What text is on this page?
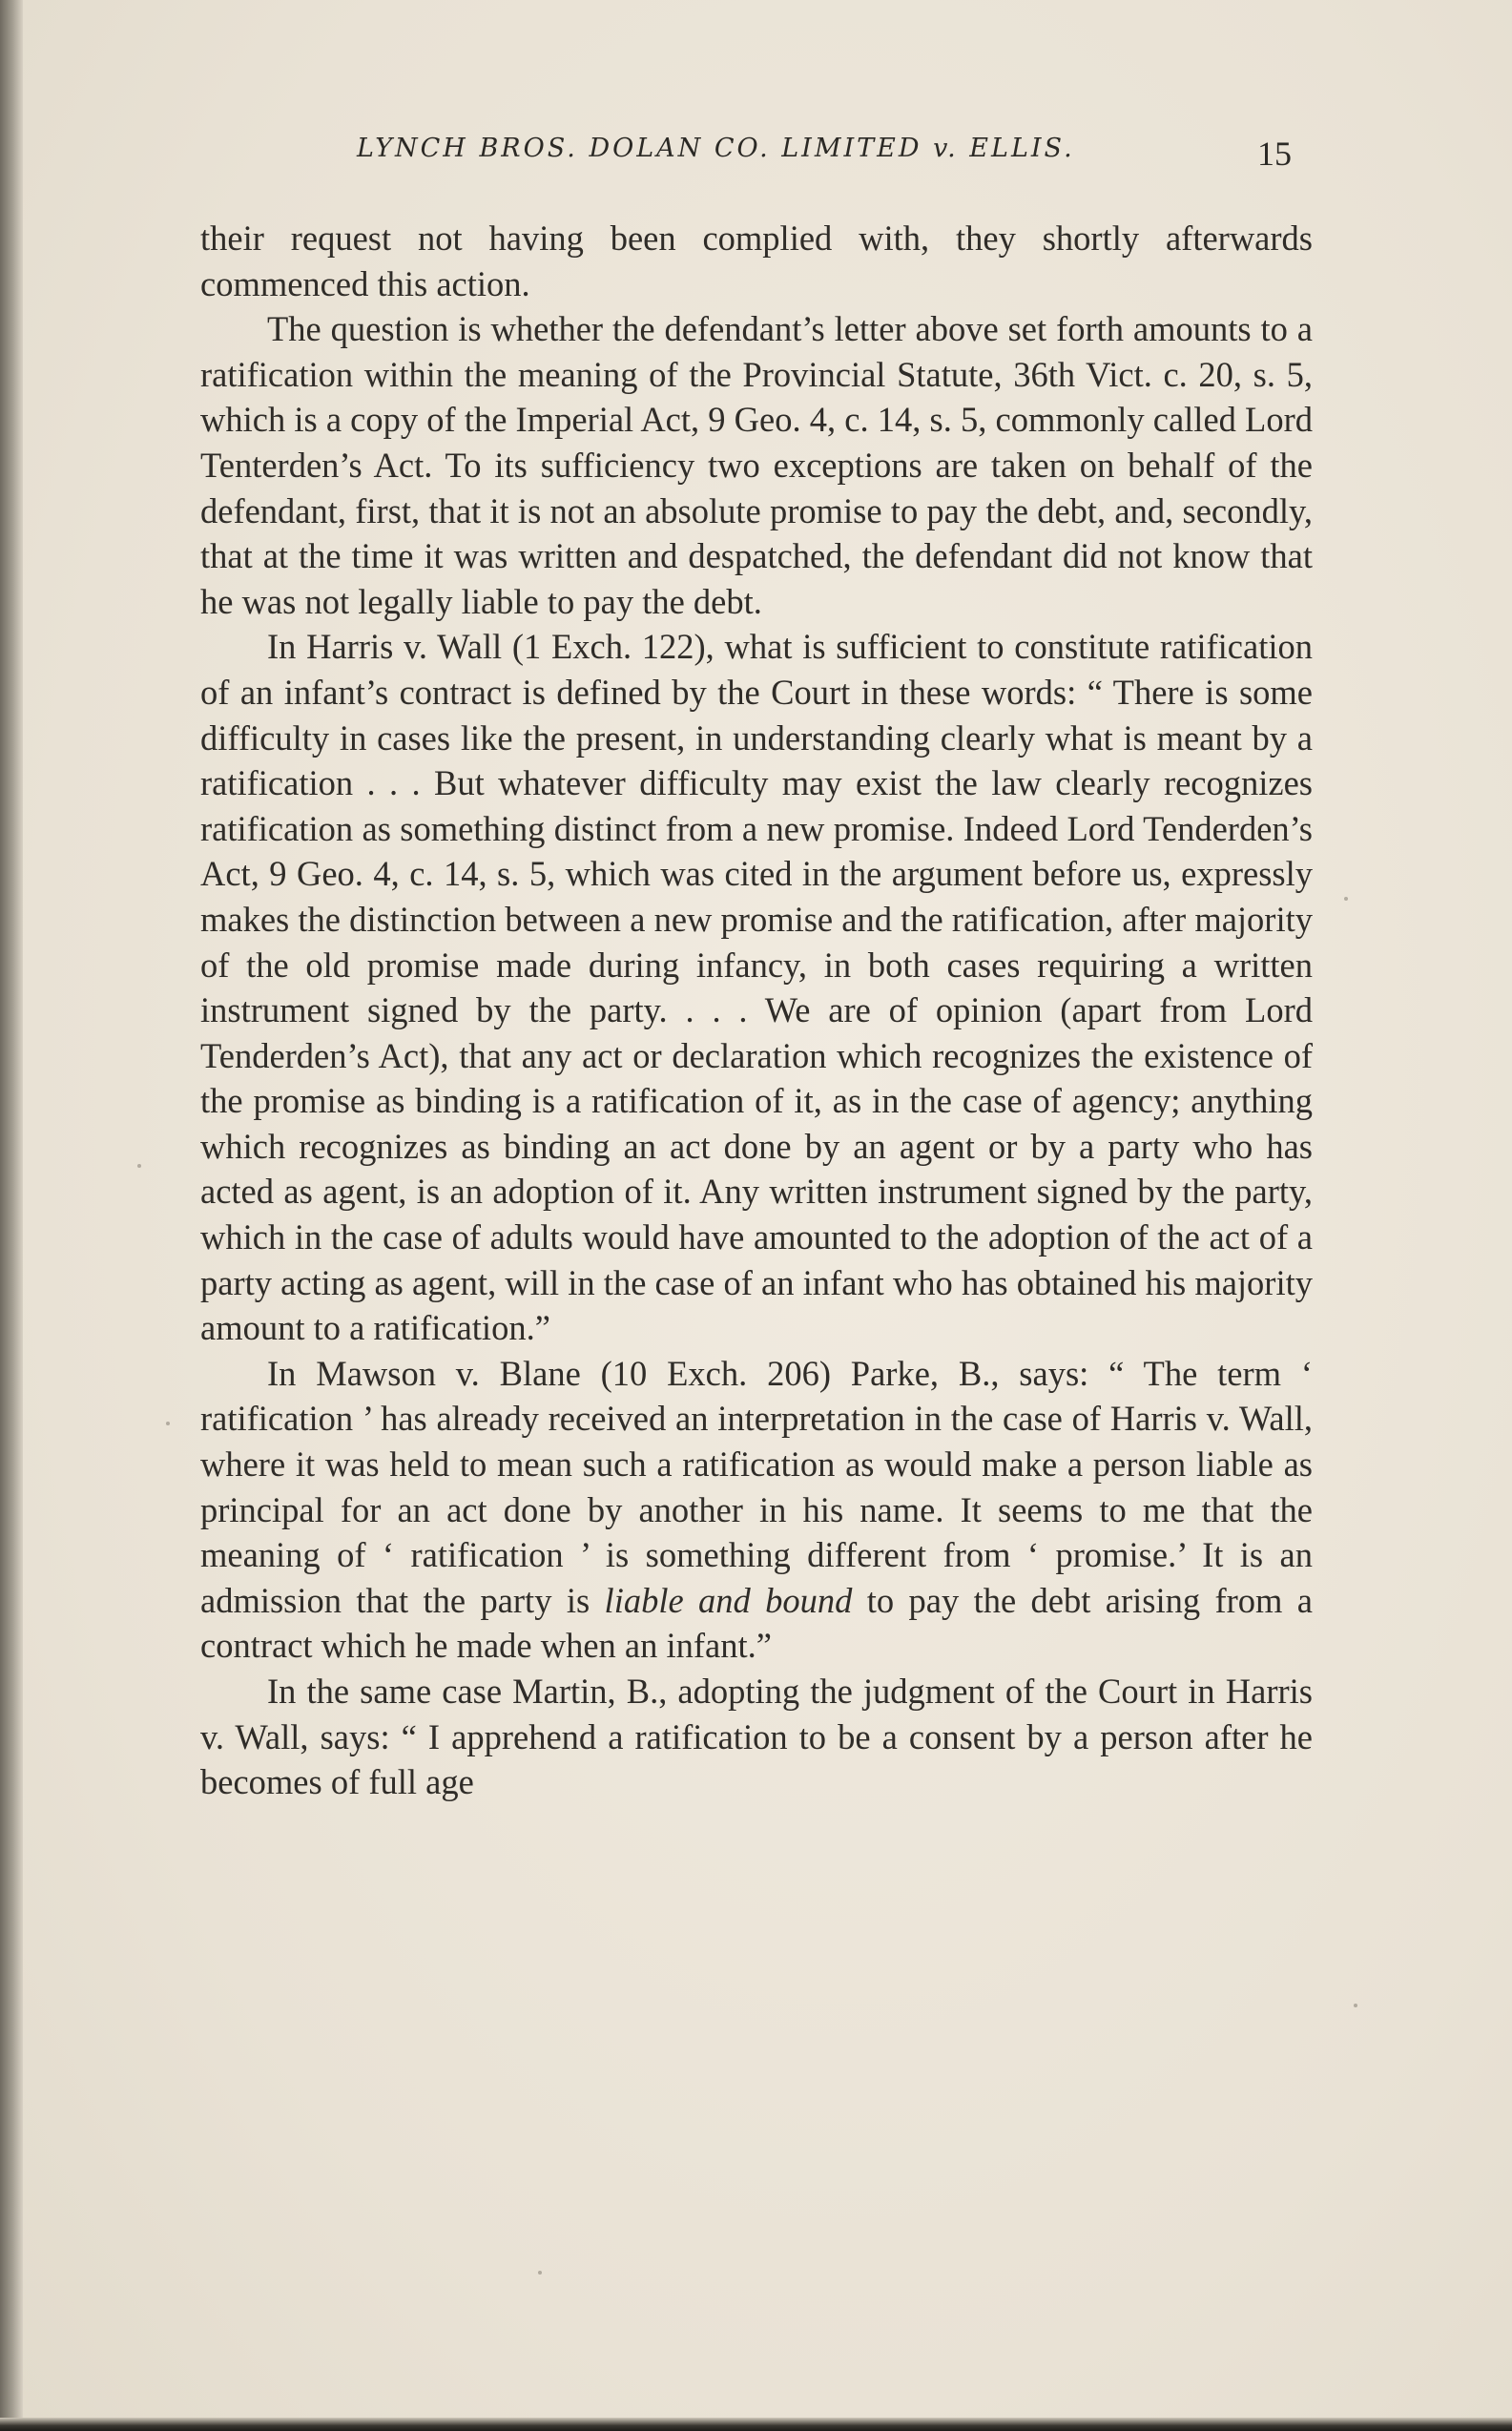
LYNCH BROS. DOLAN CO. LIMITED v. ELLIS.	15

their request not having been complied with, they shortly afterwards commenced this action.

The question is whether the defendant’s letter above set forth amounts to a ratification within the meaning of the Provincial Statute, 36th Vict. c. 20, s. 5, which is a copy of the Imperial Act, 9 Geo. 4, c. 14, s. 5, commonly called Lord Tenterden’s Act. To its sufficiency two exceptions are taken on behalf of the defendant, first, that it is not an absolute promise to pay the debt, and, secondly, that at the time it was written and despatched, the defendant did not know that he was not legally liable to pay the debt.

In Harris v. Wall (1 Exch. 122), what is sufficient to constitute ratification of an infant’s contract is defined by the Court in these words: “ There is some difficulty in cases like the present, in understanding clearly what is meant by a ratification . . . But whatever difficulty may exist the law clearly recognizes ratification as something distinct from a new promise. Indeed Lord Tenderden’s Act, 9 Geo. 4, c. 14, s. 5, which was cited in the argument before us, expressly makes the distinction between a new promise and the ratification, after majority of the old promise made during infancy, in both cases requiring a written instrument signed by the party. . . . We are of opinion (apart from Lord Tenderden’s Act), that any act or declaration which recognizes the existence of the promise as binding is a ratification of it, as in the case of agency; anything which recognizes as binding an act done by an agent or by a party who has acted as agent, is an adoption of it. Any written instrument signed by the party, which in the case of adults would have amounted to the adoption of the act of a party acting as agent, will in the case of an infant who has obtained his majority amount to a ratification.”

In Mawson v. Blane (10 Exch. 206) Parke, B., says: “ The term ‘ ratification ’ has already received an interpretation in the case of Harris v. Wall, where it was held to mean such a ratification as would make a person liable as principal for an act done by another in his name. It seems to me that the meaning of ‘ ratification ’ is something different from ‘ promise.’ It is an admission that the party is liable and bound to pay the debt arising from a contract which he made when an infant.”

In the same case Martin, B., adopting the judgment of the Court in Harris v. Wall, says: “ I apprehend a ratification to be a consent by a person after he becomes of full age
